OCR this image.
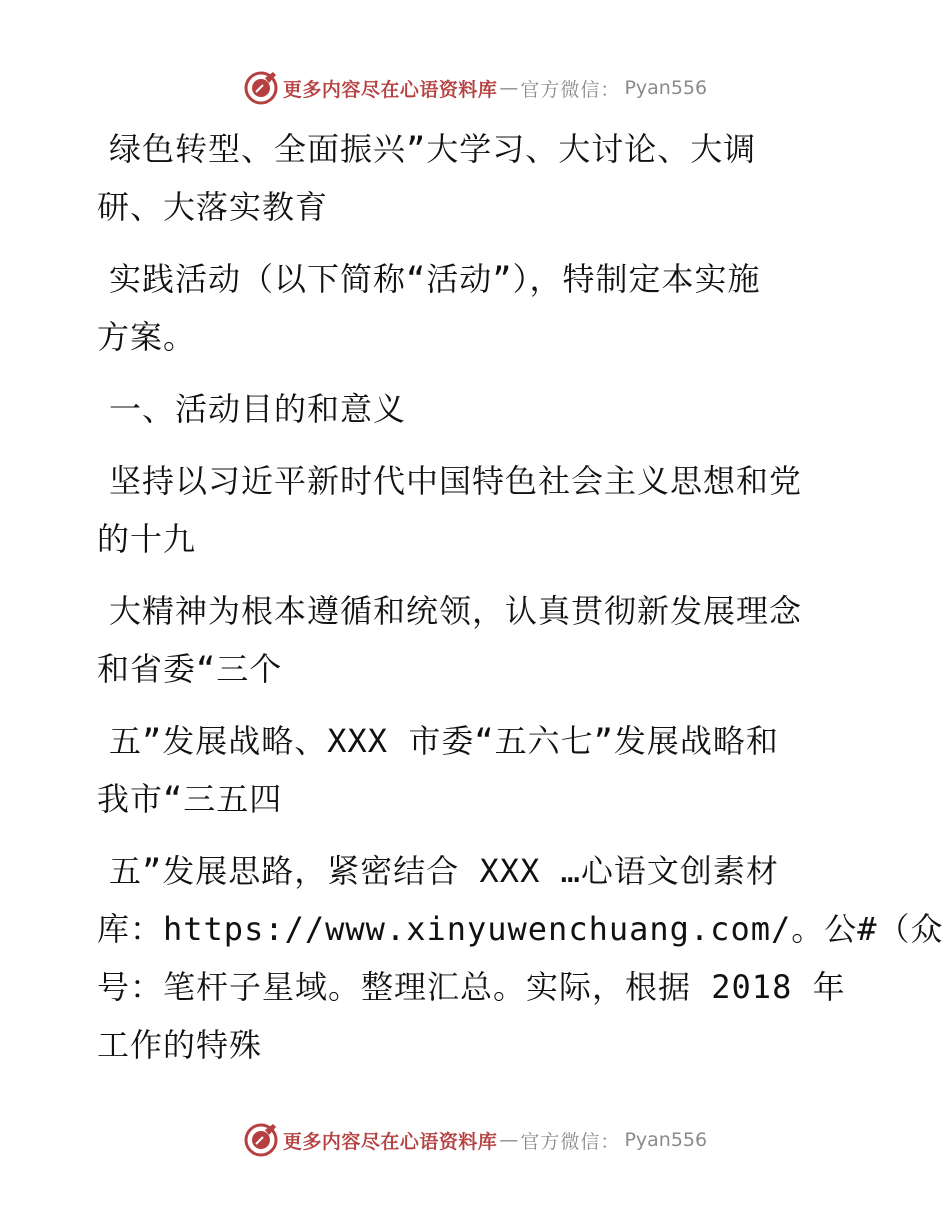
更多内容尽在心语资料库 — 官方微信： Pyan556
绿色转型、全面振兴”大学习、大讨论、大调
研、大落实教育
实践活动（以下简称“活动”），特制定本实施
方案。
一、活动目的和意义
坚持以习近平新时代中国特色社会主义思想和党
的十九
大精神为根本遵循和统领，认真贯彻新发展理念
和省委“三个
五”发展战略、XXX 市委“五六七”发展战略和
我市“三五四
五”发展思路，紧密结合 XXX …心语文创素材
库：https://www.xinyuwenchuang.com/。公#（众
号：笔杆子星域。整理汇总。实际，根据 2018 年
工作的特殊
更多内容尽在心语资料库 — 官方微信： Pyan556
